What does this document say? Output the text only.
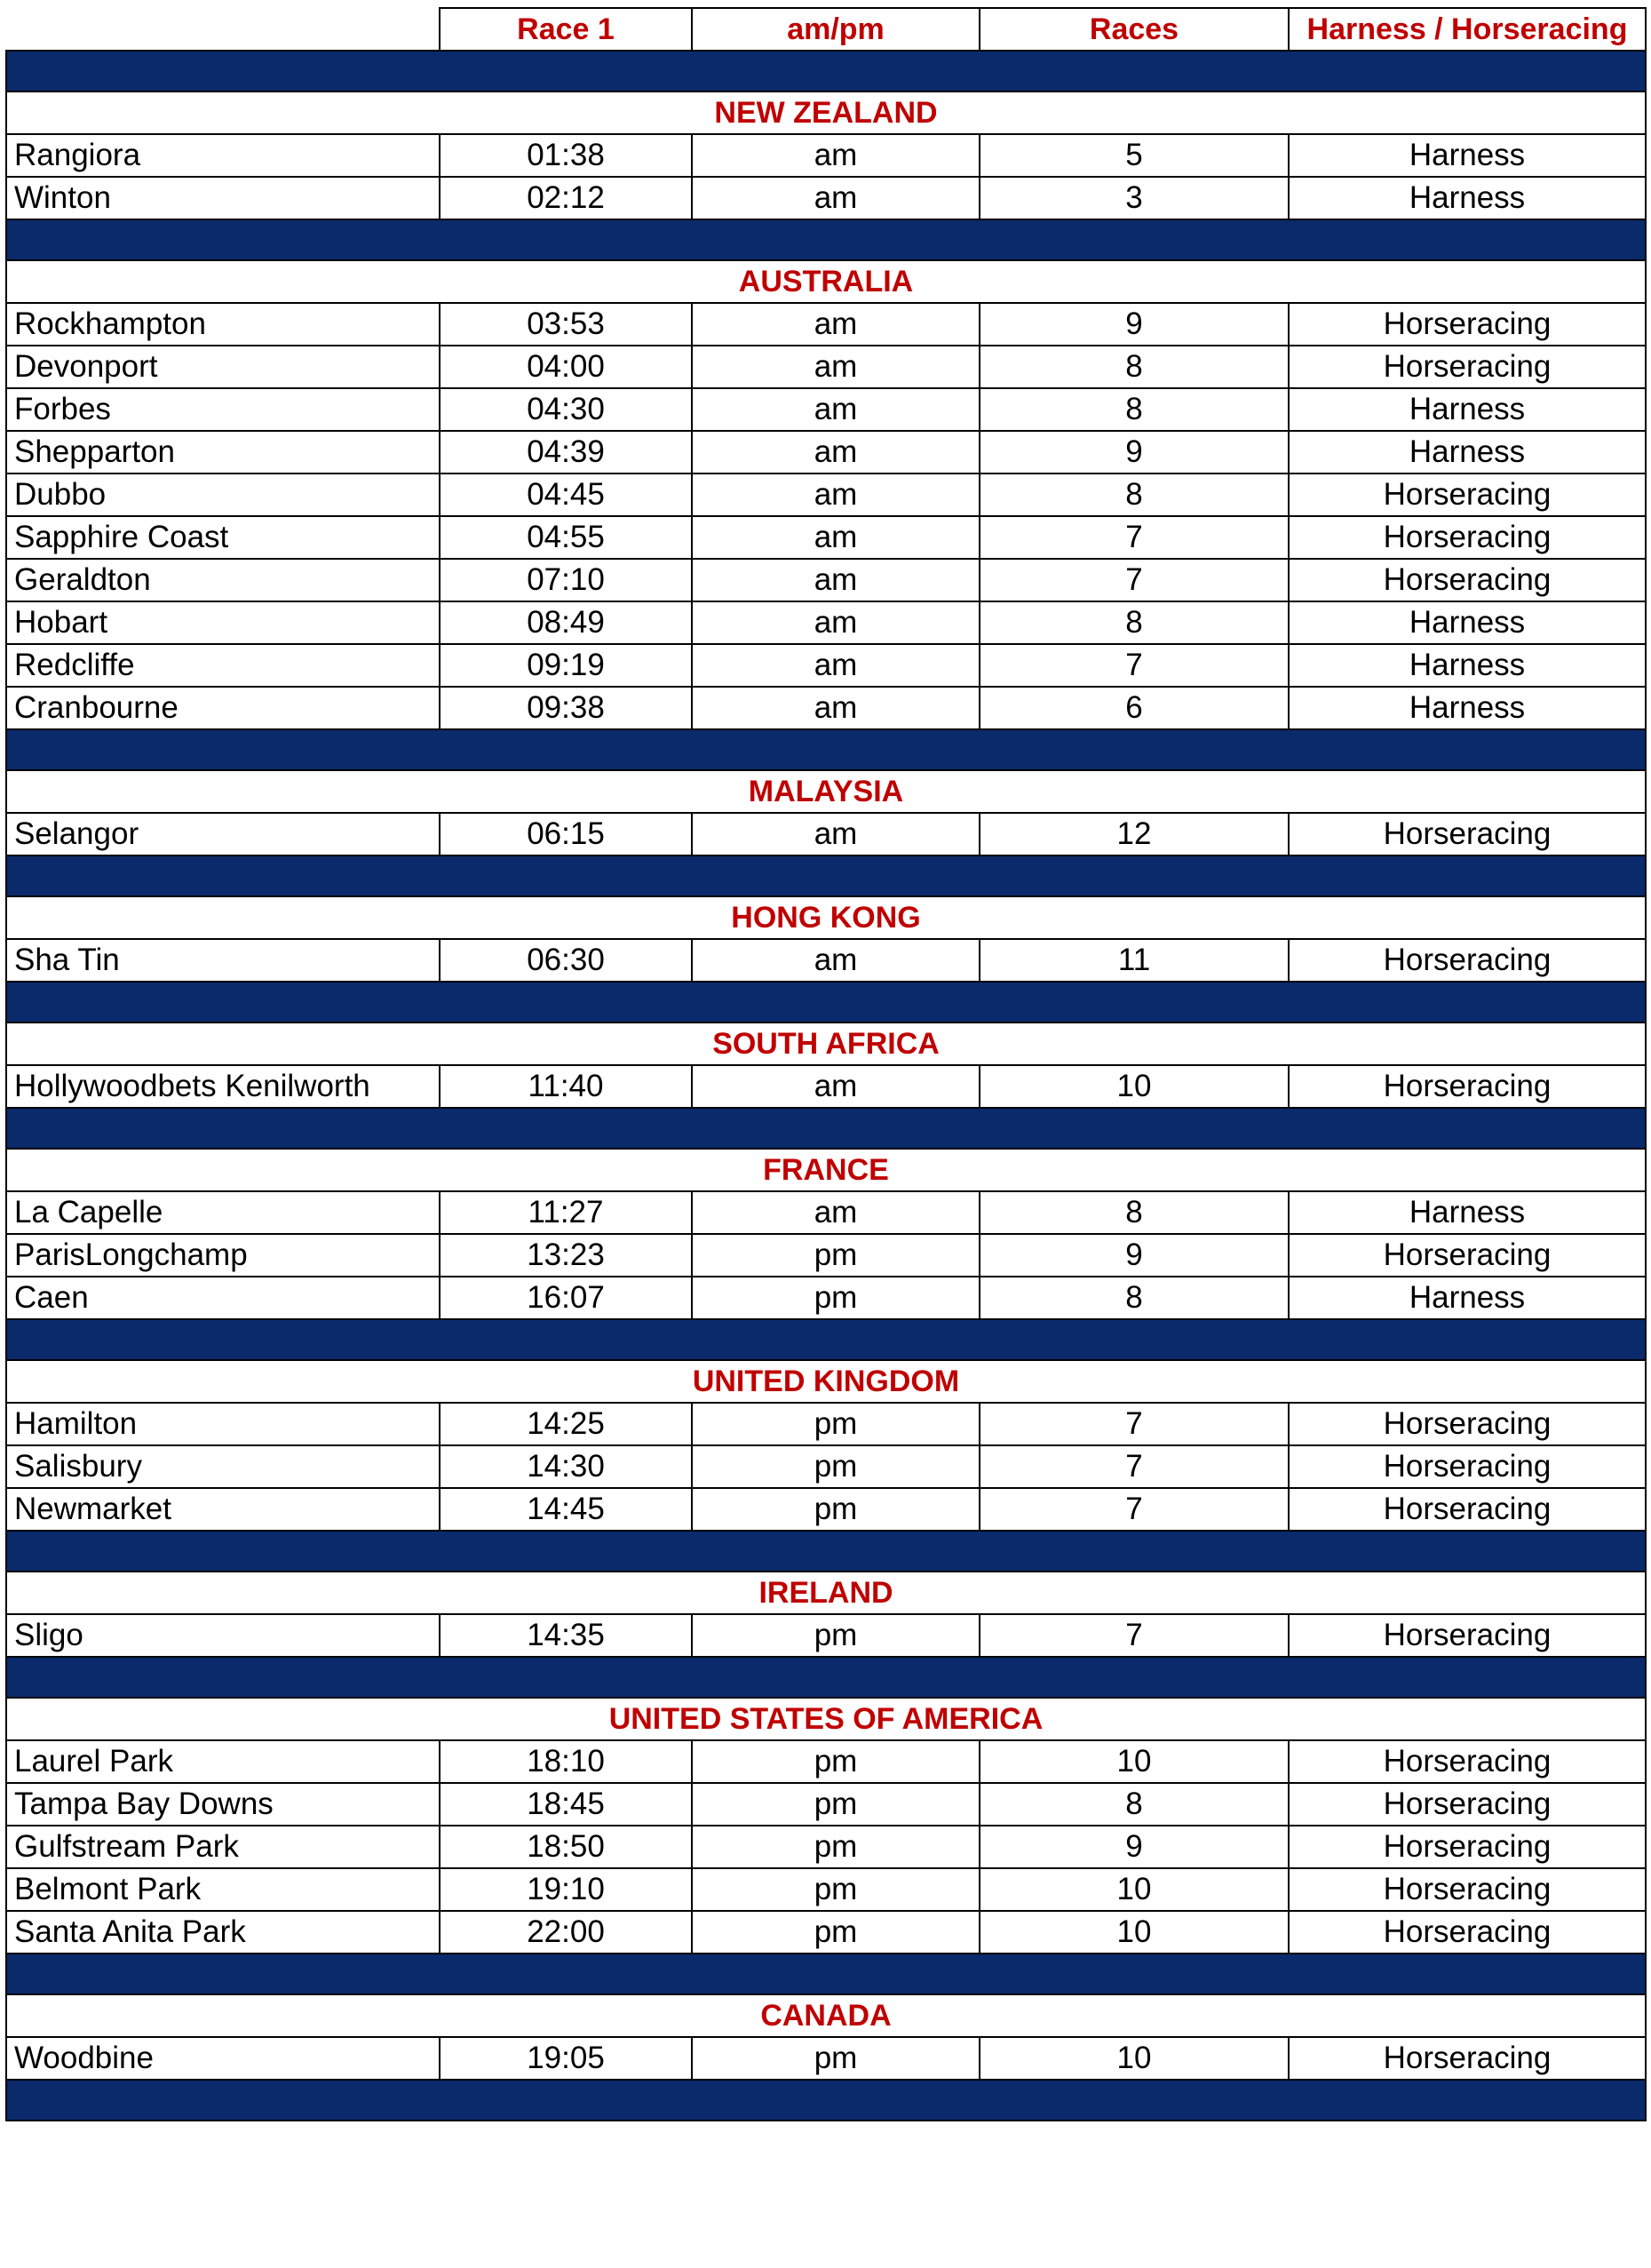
	Race 1	am/pm	Races	Harness / Horseracing

NEW ZEALAND				
Rangiora	01:38	am	5	Harness
Winton	02:12	am	3	Harness

AUSTRALIA				
Rockhampton	03:53	am	9	Horseracing
Devonport	04:00	am	8	Horseracing
Forbes	04:30	am	8	Harness
Shepparton	04:39	am	9	Harness
Dubbo	04:45	am	8	Horseracing
Sapphire Coast	04:55	am	7	Horseracing
Geraldton	07:10	am	7	Horseracing
Hobart	08:49	am	8	Harness
Redcliffe	09:19	am	7	Harness
Cranbourne	09:38	am	6	Harness

MALAYSIA				
Selangor	06:15	am	12	Horseracing

HONG KONG				
Sha Tin	06:30	am	11	Horseracing

SOUTH AFRICA				
Hollywoodbets Kenilworth	11:40	am	10	Horseracing

FRANCE				
La Capelle	11:27	am	8	Harness
ParisLongchamp	13:23	pm	9	Horseracing
Caen	16:07	pm	8	Harness

UNITED KINGDOM				
Hamilton	14:25	pm	7	Horseracing
Salisbury	14:30	pm	7	Horseracing
Newmarket	14:45	pm	7	Horseracing

IRELAND				
Sligo	14:35	pm	7	Horseracing

UNITED STATES OF AMERICA				
Laurel Park	18:10	pm	10	Horseracing
Tampa Bay Downs	18:45	pm	8	Horseracing
Gulfstream Park	18:50	pm	9	Horseracing
Belmont Park	19:10	pm	10	Horseracing
Santa Anita Park	22:00	pm	10	Horseracing

CANADA				
Woodbine	19:05	pm	10	Horseracing
